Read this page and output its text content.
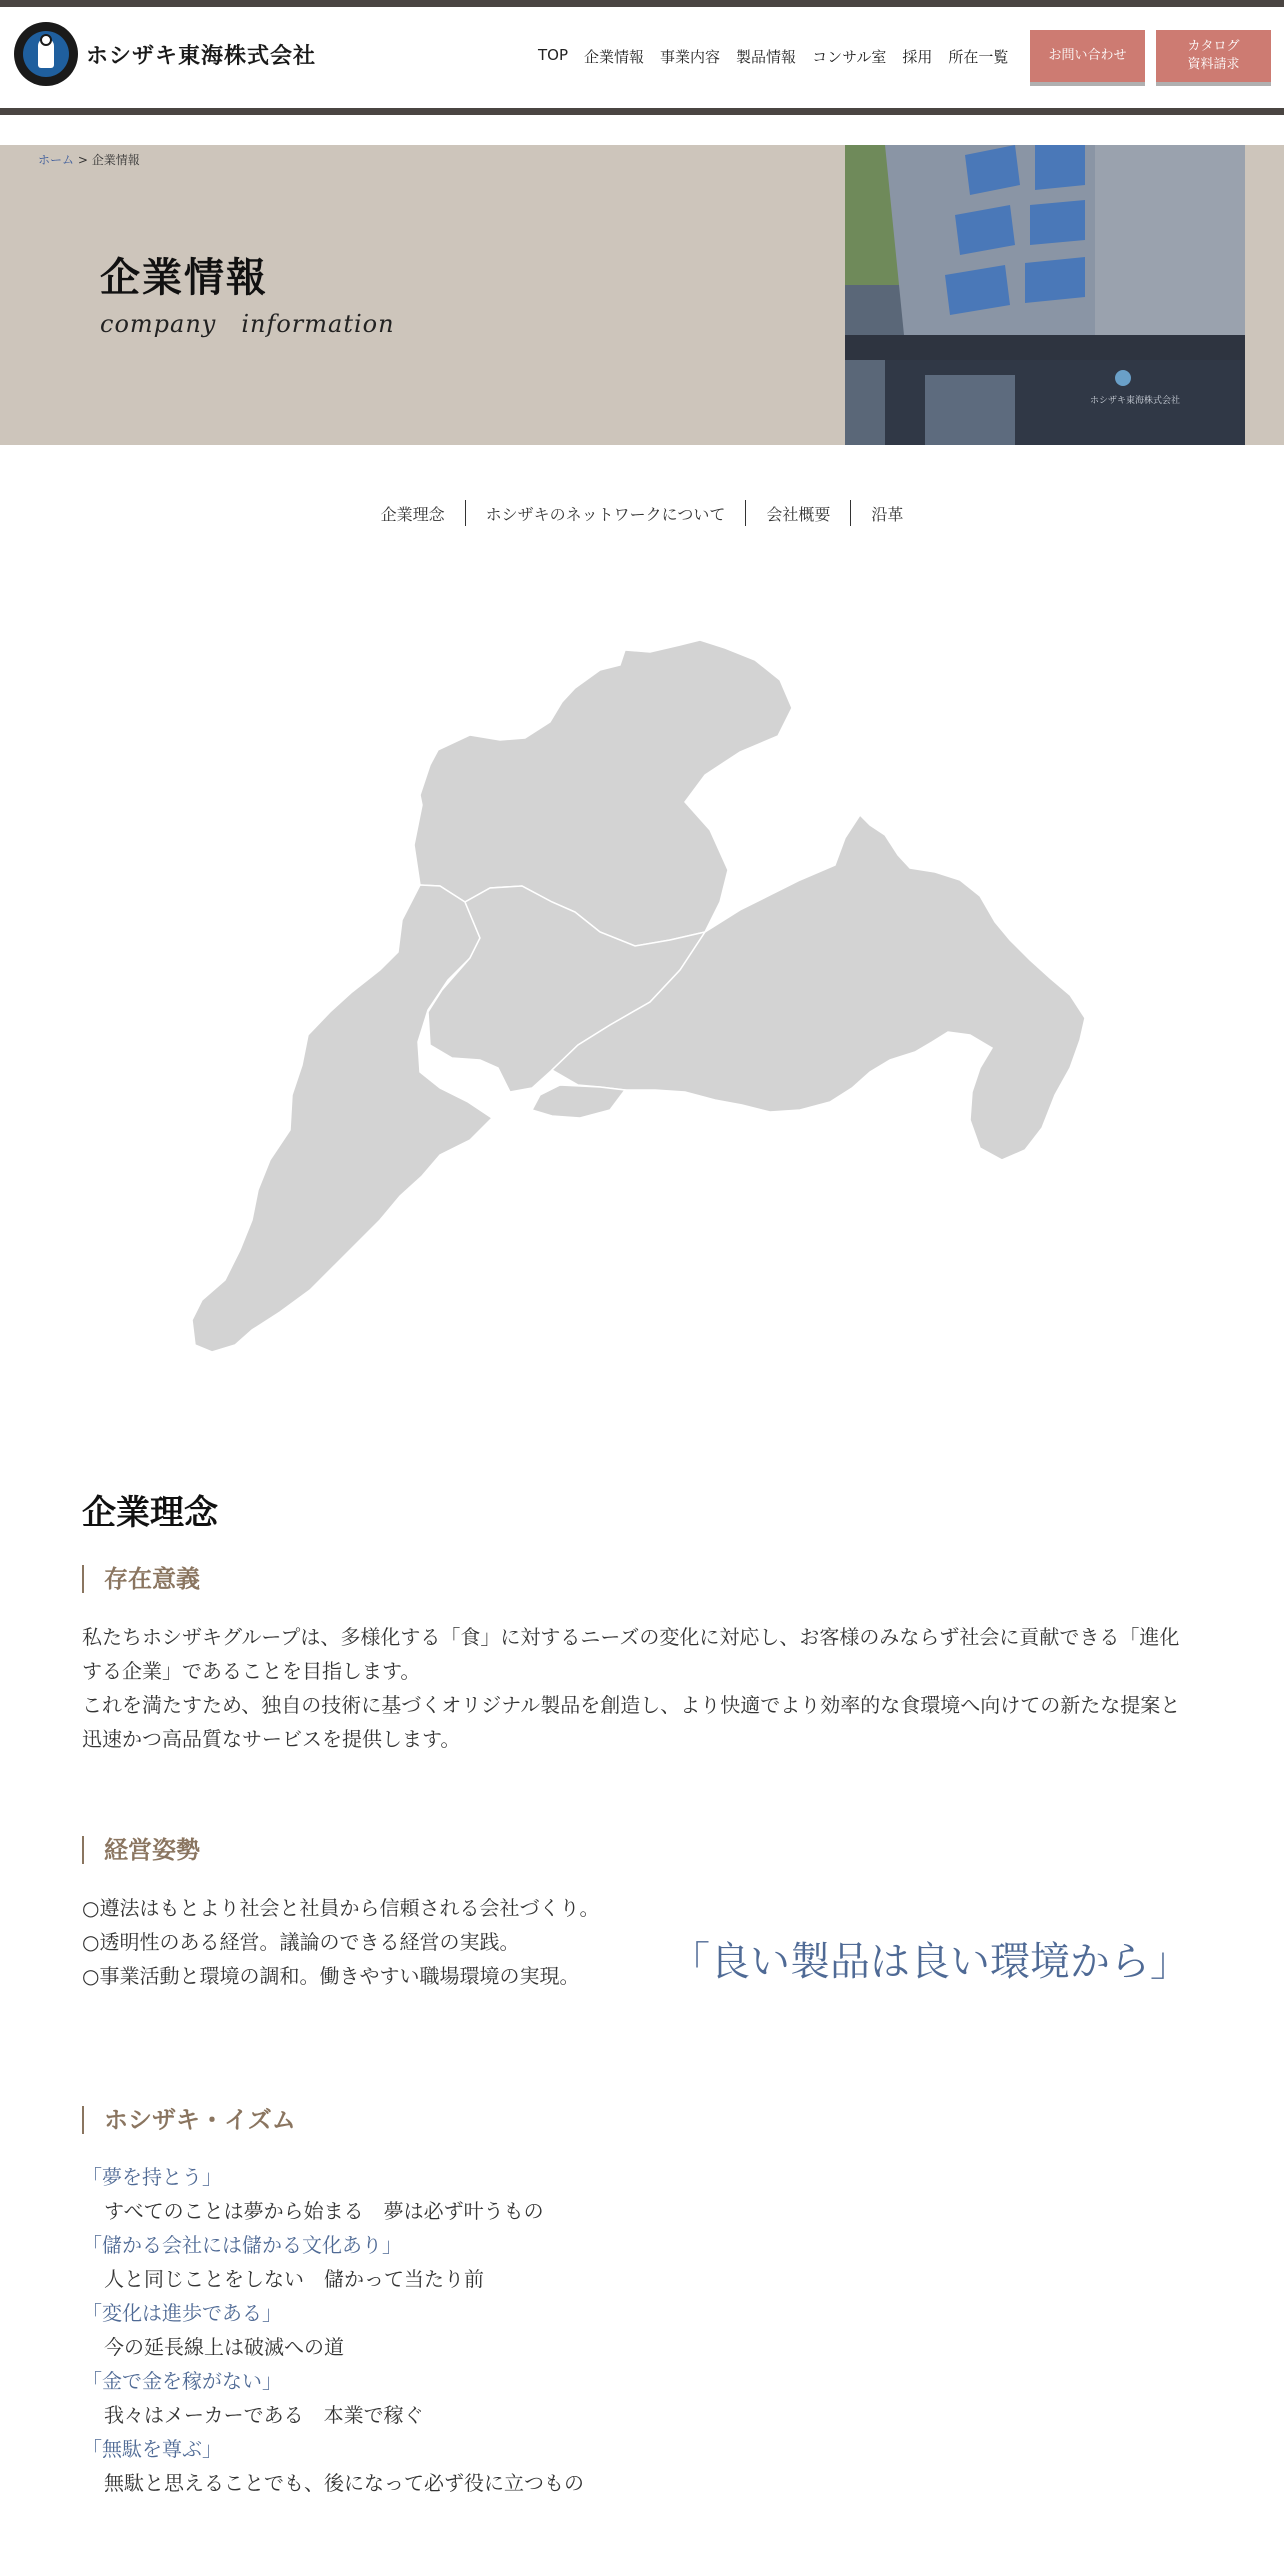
ホシザキ東海株式会社	TOP	企業情報	事業内容	製品情報	コンサル室	採用	所在一覧	お問い合わせ
カタログ
資料請求
ホーム > 企業情報
企業情報
company　information
ホシザキ東海株式会社
企業理念	ホシザキのネットワークについて	会社概要	沿革
企業理念
存在意義

私たちホシザキグループは、多様化する「食」に対するニーズの変化に対応し、お客様のみならず社会に貢献できる「進化する企業」であることを目指します。
これを満たすため、独自の技術に基づくオリジナル製品を創造し、より快適でより効率的な食環境へ向けての新たな提案と迅速かつ高品質なサービスを提供します。

経営姿勢
○遵法はもとより社会と社員から信頼される会社づくり。
○透明性のある経営。議論のできる経営の実践。
○事業活動と環境の調和。働きやすい職場環境の実現。	「良い製品は良い環境から」
ホシザキ・イズム
「夢を持とう」
すべてのことは夢から始まる　夢は必ず叶うもの
「儲かる会社には儲かる文化あり」
人と同じことをしない　儲かって当たり前
「変化は進歩である」
今の延長線上は破滅への道
「金で金を稼がない」
我々はメーカーである　本業で稼ぐ
「無駄を尊ぶ」
無駄と思えることでも、後になって必ず役に立つもの
